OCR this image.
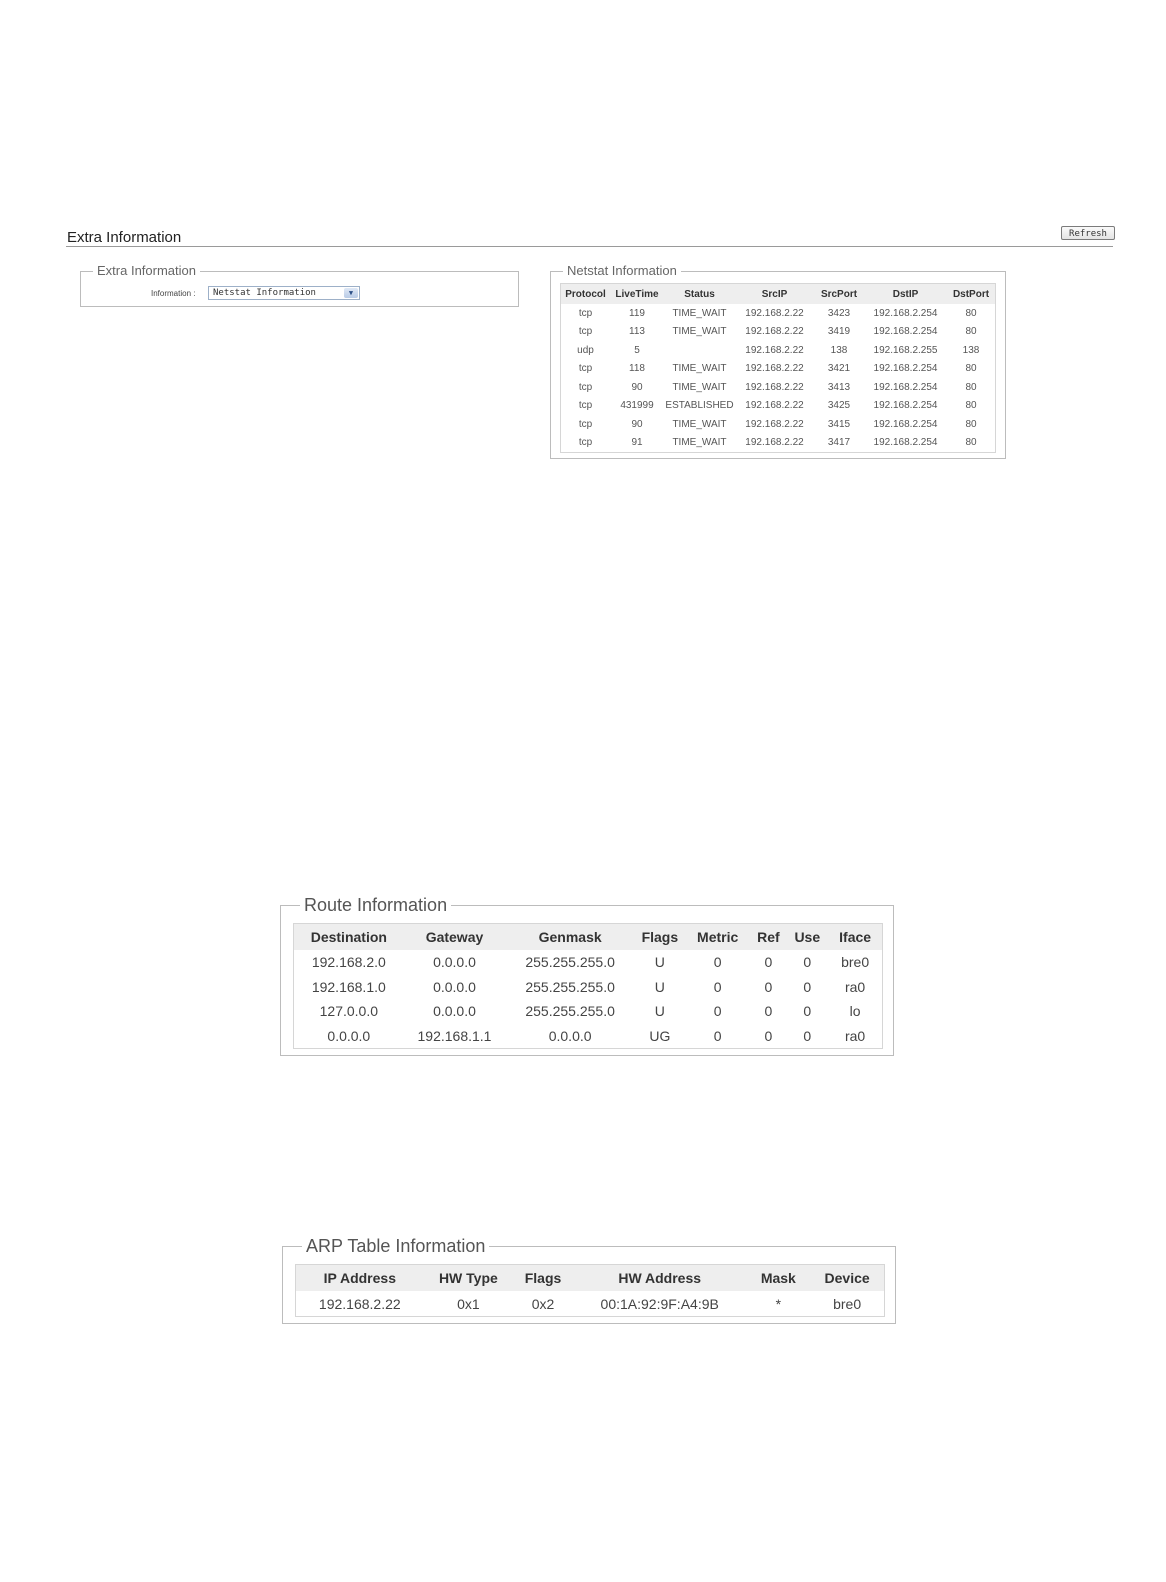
Extra Information	Refresh
Extra Information
Information :	Netstat Information	▼
Netstat Information
Protocol	LiveTime	Status	SrcIP	SrcPort	DstIP	DstPort
tcp	119	TIME_WAIT	192.168.2.22	3423	192.168.2.254	80
tcp	113	TIME_WAIT	192.168.2.22	3419	192.168.2.254	80
udp	5		192.168.2.22	138	192.168.2.255	138
tcp	118	TIME_WAIT	192.168.2.22	3421	192.168.2.254	80
tcp	90	TIME_WAIT	192.168.2.22	3413	192.168.2.254	80
tcp	431999	ESTABLISHED	192.168.2.22	3425	192.168.2.254	80
tcp	90	TIME_WAIT	192.168.2.22	3415	192.168.2.254	80
tcp	91	TIME_WAIT	192.168.2.22	3417	192.168.2.254	80
Route Information
Destination	Gateway	Genmask	Flags	Metric	Ref	Use	Iface
192.168.2.0	0.0.0.0	255.255.255.0	U	0	0	0	bre0
192.168.1.0	0.0.0.0	255.255.255.0	U	0	0	0	ra0
127.0.0.0	0.0.0.0	255.255.255.0	U	0	0	0	lo
0.0.0.0	192.168.1.1	0.0.0.0	UG	0	0	0	ra0
ARP Table Information
IP Address	HW Type	Flags	HW Address	Mask	Device
192.168.2.22	0x1	0x2	00:1A:92:9F:A4:9B	*	bre0
